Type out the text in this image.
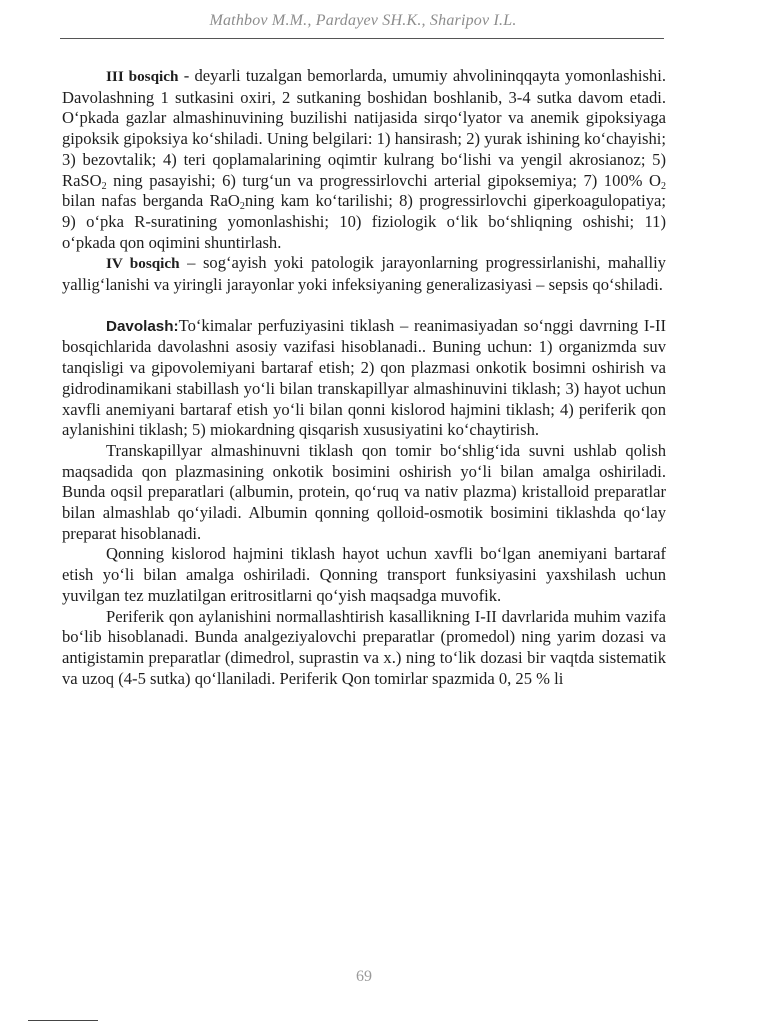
Mathbov M.M., Pardayev SH.K., Sharipov I.L.

III bosqich - deyarli tuzalgan bemorlarda, umumiy ahvolininqqayta yomonlashishi. Davolashning 1 sutkasini oxiri, 2 sutkaning boshidan boshlanib, 3-4 sutka davom etadi. O‘pkada gazlar almashinuvining buzilishi natijasida sirqo‘lyator va anemik gipoksiyaga gipoksik gipoksiya ko‘shiladi. Uning belgilari: 1) hansirash; 2) yurak ishining ko‘chayishi; 3) bezovtalik; 4) teri qoplamalarining oqimtir kulrang bo‘lishi va yengil akrosianoz; 5) RaSO$_2$ ning pasayishi; 6) turg‘un va progressirlovchi arterial gipoksemiya; 7) 100% $O_2$ bilan nafas berganda RaO$_2$ning kam ko‘tarilishi; 8) progressirlovchi giperkoagulopatiya; 9) o‘pka R-suratining yomonlashishi; 10) fiziologik o‘lik bo‘shliqning oshishi; 11) o‘pkada qon oqimini shuntirlash.

IV bosqich – sog‘ayish yoki patologik jarayonlarning progressirlanishi, mahalliy yallig‘lanishi va yiringli jarayonlar yoki infeksiyaning generalizasiyasi – sepsis qo‘shiladi.

Davolash:To‘kimalar perfuziyasini tiklash – reanimasiyadan so‘nggi davrning I-II bosqichlarida davolashni asosiy vazifasi hisoblanadi.. Buning uchun: 1) organizmda suv tanqisligi va gipovolemiyani bartaraf etish; 2) qon plazmasi onkotik bosimni oshirish va gidrodinamikani stabillash yo‘li bilan transkapillyar almashinuvini tiklash; 3) hayot uchun xavfli anemiyani bartaraf etish yo‘li bilan qonni kislorod hajmini tiklash; 4) periferik qon aylanishini tiklash; 5) miokardning qisqarish xususiyatini ko‘chaytirish.

Transkapillyar almashinuvni tiklash qon tomir bo‘shlig‘ida suvni ushlab qolish maqsadida qon plazmasining onkotik bosimini oshirish yo‘li bilan amalga oshiriladi. Bunda oqsil preparatlari (albumin, protein, qo‘ruq va nativ plazma) kristalloid preparatlar bilan almashlab qo‘yiladi. Albumin qonning qolloid-osmotik bosimini tiklashda qo‘lay preparat hisoblanadi.

Qonning kislorod hajmini tiklash hayot uchun xavfli bo‘lgan anemiyani bartaraf etish yo‘li bilan amalga oshiriladi. Qonning transport funksiyasini yaxshilash uchun yuvilgan tez muzlatilgan eritrositlarni qo‘yish maqsadga muvofik.

Periferik qon aylanishini normallashtirish kasallikning I-II davrlarida muhim vazifa bo‘lib hisoblanadi. Bunda analgeziyalovchi preparatlar (promedol) ning yarim dozasi va antigistamin preparatlar (dimedrol, suprastin va x.) ning to‘lik dozasi bir vaqtda sistematik va uzoq (4-5 sutka) qo‘llaniladi. Periferik Qon tomirlar spazmida 0, 25 % li

69
